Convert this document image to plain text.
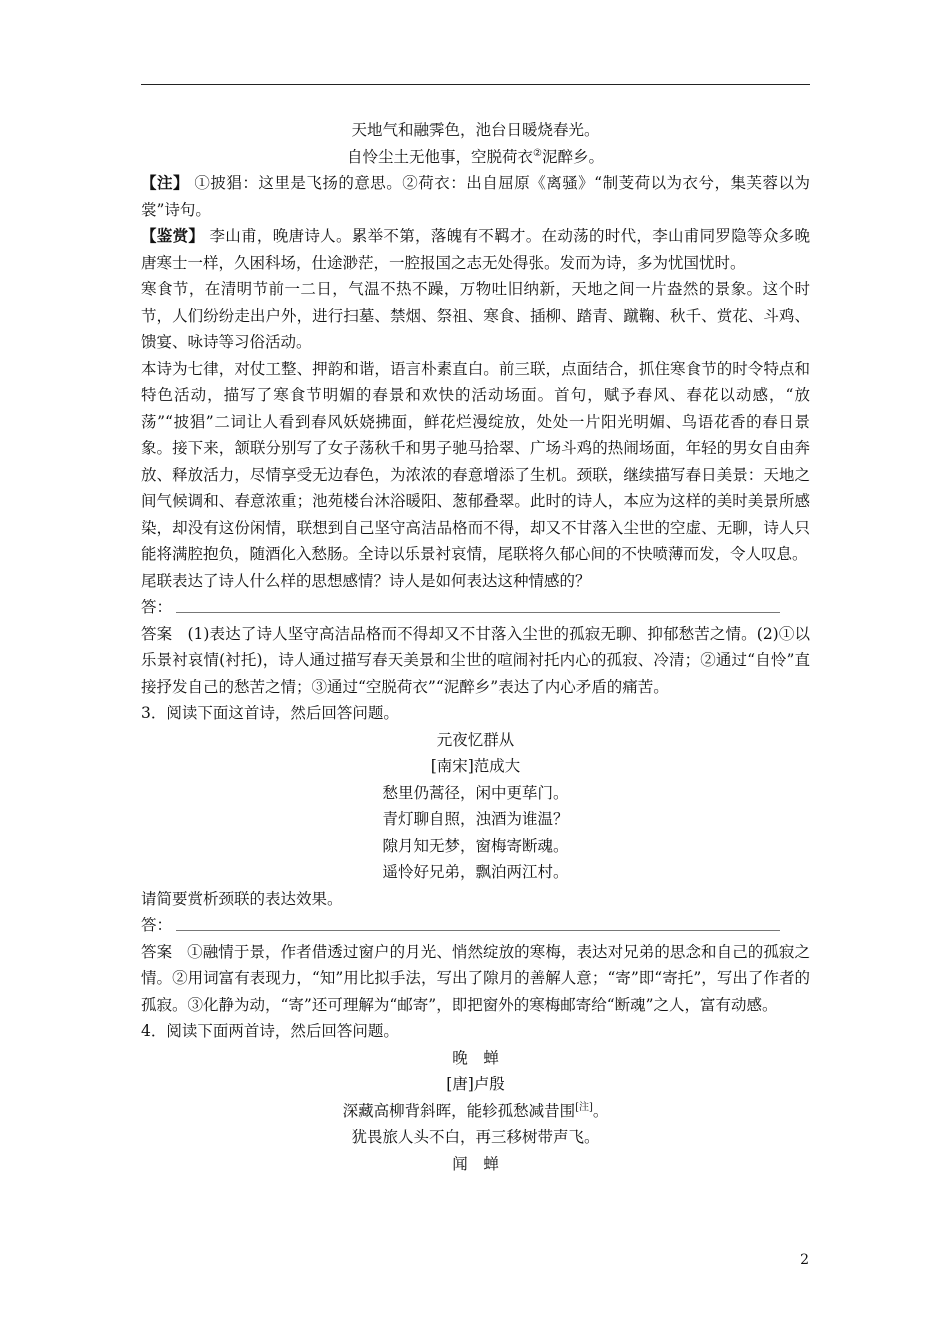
天地气和融霁色，池台日暖烧春光。

自怜尘土无他事，空脱荷衣②泥醉乡。

【注】 ①披猖：这里是飞扬的意思。②荷衣：出自屈原《离骚》“制芰荷以为衣兮，集芙蓉以为裳”诗句。

【鉴赏】 李山甫，晚唐诗人。累举不第，落魄有不羁才。在动荡的时代，李山甫同罗隐等众多晚唐寒士一样，久困科场，仕途渺茫，一腔报国之志无处得张。发而为诗，多为忧国忧时。

寒食节，在清明节前一二日，气温不热不躁，万物吐旧纳新，天地之间一片盎然的景象。这个时节，人们纷纷走出户外，进行扫墓、禁烟、祭祖、寒食、插柳、踏青、蹴鞠、秋千、赏花、斗鸡、馈宴、咏诗等习俗活动。

本诗为七律，对仗工整、押韵和谐，语言朴素直白。前三联，点面结合，抓住寒食节的时令特点和特色活动，描写了寒食节明媚的春景和欢快的活动场面。首句，赋予春风、春花以动感，“放荡”“披猖”二词让人看到春风妖娆拂面，鲜花烂漫绽放，处处一片阳光明媚、鸟语花香的春日景象。接下来，颔联分别写了女子荡秋千和男子驰马拾翠、广场斗鸡的热闹场面，年轻的男女自由奔放、释放活力，尽情享受无边春色，为浓浓的春意增添了生机。颈联，继续描写春日美景：天地之间气候调和、春意浓重；池苑楼台沐浴暖阳、葱郁叠翠。此时的诗人，本应为这样的美时美景所感染，却没有这份闲情，联想到自己坚守高洁品格而不得，却又不甘落入尘世的空虚、无聊，诗人只能将满腔抱负，随酒化入愁肠。全诗以乐景衬哀情，尾联将久郁心间的不快喷薄而发，令人叹息。

尾联表达了诗人什么样的思想感情？诗人是如何表达这种情感的？

答：

答案 (1)表达了诗人坚守高洁品格而不得却又不甘落入尘世的孤寂无聊、抑郁愁苦之情。(2)①以乐景衬哀情(衬托)，诗人通过描写春天美景和尘世的喧闹衬托内心的孤寂、冷清；②通过“自怜”直接抒发自己的愁苦之情；③通过“空脱荷衣”“泥醉乡”表达了内心矛盾的痛苦。

3．阅读下面这首诗，然后回答问题。

元夜忆群从

[南宋]范成大

愁里仍蒿径，闲中更荜门。

青灯聊自照，浊酒为谁温？

隙月知无梦，窗梅寄断魂。

遥怜好兄弟，飘泊两江村。

请简要赏析颈联的表达效果。

答：

答案 ①融情于景，作者借透过窗户的月光、悄然绽放的寒梅，表达对兄弟的思念和自己的孤寂之情。②用词富有表现力，“知”用比拟手法，写出了隙月的善解人意；“寄”即“寄托”，写出了作者的孤寂。③化静为动，“寄”还可理解为“邮寄”，即把窗外的寒梅邮寄给“断魂”之人，富有动感。

4．阅读下面两首诗，然后回答问题。

晚　蝉

[唐]卢殷

深藏高柳背斜晖，能轸孤愁减昔围[注]。

犹畏旅人头不白，再三移树带声飞。

闻　蝉

2
